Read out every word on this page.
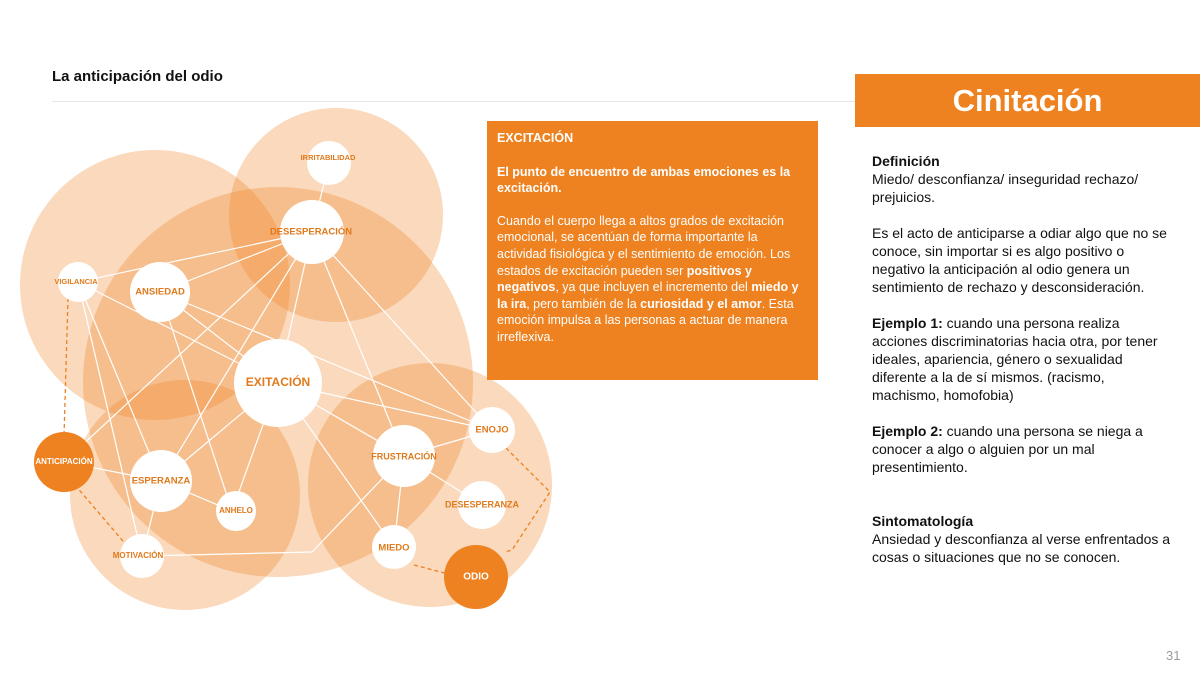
La anticipación del odio
Cinitación
IRRITABILIDAD
DESESPERACIÓN
VIGILANCIA
ANSIEDAD
EXITACIÓN
ENOJO
FRUSTRACIÓN
ANTICIPACIÓN
ESPERANZA
ANHELO
DESESPERANZA
MOTIVACIÓN
MIEDO
ODIO

EXCITACIÓN

El punto de encuentro de ambas emociones es la excitación.

Cuando el cuerpo llega a altos grados de excitación emocional, se acentúan de forma importante la actividad fisiológica y el sentimiento de emoción. Los estados de excitación pueden ser positivos y negativos, ya que incluyen el incremento del miedo y la ira, pero también de la curiosidad y el amor. Esta emoción impulsa a las personas a actuar de manera irreflexiva.

Definición

Miedo/ desconfianza/ inseguridad rechazo/ prejuicios.

Es el acto de anticiparse a odiar algo que no se conoce, sin importar si es algo positivo o negativo la anticipación al odio genera un sentimiento de rechazo y desconsideración.

Ejemplo 1: cuando una persona realiza acciones discriminatorias hacia otra, por tener ideales, apariencia, género o sexualidad diferente a la de sí mismos. (racismo, machismo, homofobia)

Ejemplo 2: cuando una persona se niega a conocer a algo o alguien por un mal presentimiento.

Sintomatología

Ansiedad y desconfianza al verse enfrentados a cosas o situaciones que no se conocen.

31
